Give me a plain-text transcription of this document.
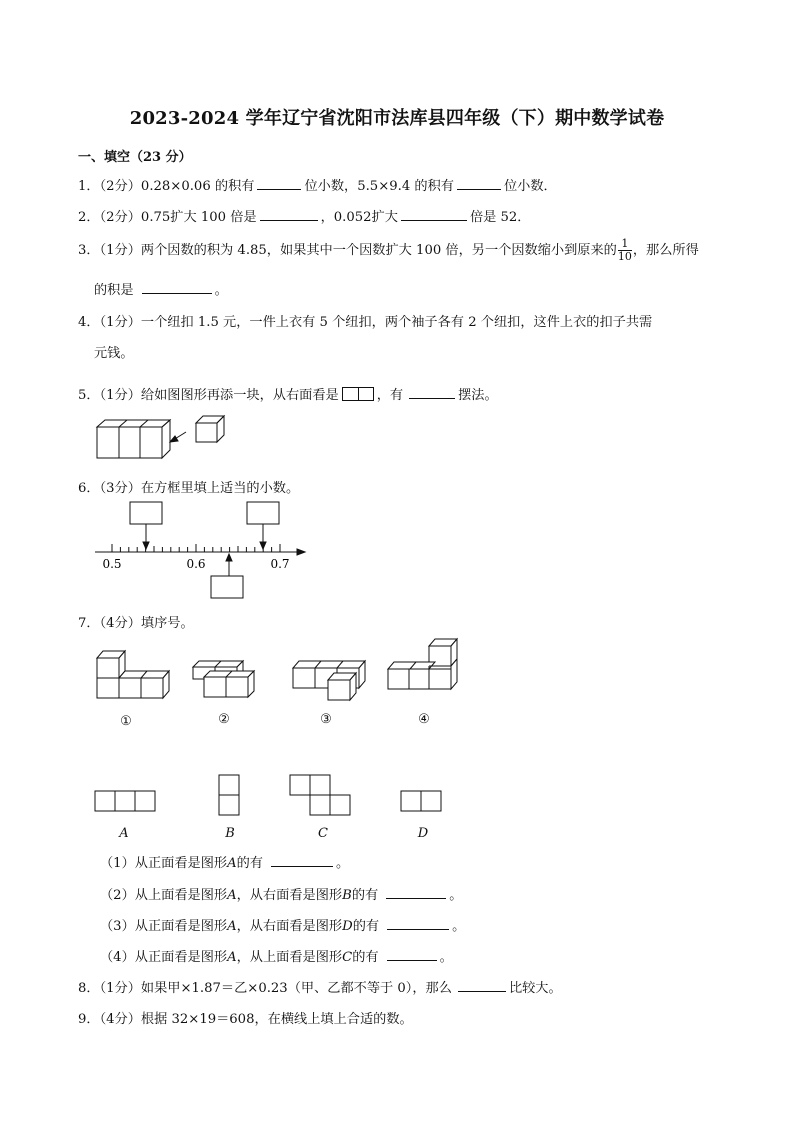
2023-2024 学年辽宁省沈阳市法库县四年级（下）期中数学试卷
一、填空（23 分）
1．（2分）0.28×0.06 的积有	位小数，5.5×9.4 的积有	位小数．
2．（2分）0.75扩大 100 倍是	，0.052扩大	倍是 52．
3．（1分）两个因数的积为 4.85，如果其中一个因数扩大 100 倍，另一个因数缩小到原来的 $\frac{1}{10}$ ，那么所得
的积是	。
4．（1分）一个纽扣 1.5 元，一件上衣有 5 个纽扣，两个袖子各有 2 个纽扣，这件上衣的扣子共需
元钱。
5．（1分）给如图图形再添一块，从右面看是	，有	摆法。
6．（3分）在方框里填上适当的小数。
0.5	0.6	0.7
7．（4分）填序号。
①	②	③	④
A	B	C	D
（1）从正面看是图形A的有	。
（2）从上面看是图形A，从右面看是图形B的有	。
（3）从正面看是图形A，从右面看是图形D的有	。
（4）从正面看是图形A，从上面看是图形C的有	。
8．（1分）如果甲×1.87＝乙×0.23（甲、乙都不等于 0），那么	比较大。
9．（4分）根据 32×19＝608，在横线上填上合适的数。
